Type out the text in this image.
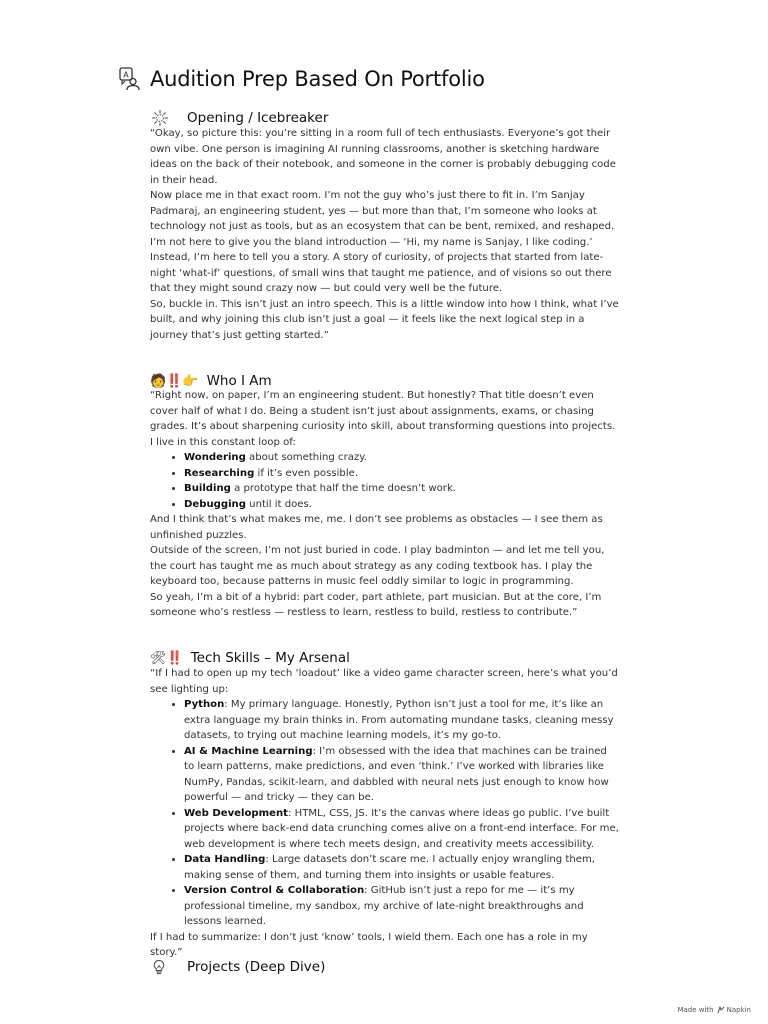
A Audition Prep Based On Portfolio
Opening / Icebreaker

“Okay, so picture this: you’re sitting in a room full of tech enthusiasts. Everyone’s got their own vibe. One person is imagining AI running classrooms, another is sketching hardware ideas on the back of their notebook, and someone in the corner is probably debugging code in their head.

Now place me in that exact room. I’m not the guy who’s just there to fit in. I’m Sanjay Padmaraj, an engineering student, yes — but more than that, I’m someone who looks at technology not just as tools, but as an ecosystem that can be bent, remixed, and reshaped.

I’m not here to give you the bland introduction — ‘Hi, my name is Sanjay, I like coding.’ Instead, I’m here to tell you a story. A story of curiosity, of projects that started from late-night ‘what-if’ questions, of small wins that taught me patience, and of visions so out there that they might sound crazy now — but could very well be the future.

So, buckle in. This isn’t just an intro speech. This is a little window into how I think, what I’ve built, and why joining this club isn’t just a goal — it feels like the next logical step in a journey that’s just getting started.”

🧑‼️👉 Who I Am

“Right now, on paper, I’m an engineering student. But honestly? That title doesn’t even cover half of what I do. Being a student isn’t just about assignments, exams, or chasing grades. It’s about sharpening curiosity into skill, about transforming questions into projects.

I live in this constant loop of:

• Wondering about something crazy.
• Researching if it’s even possible.
• Building a prototype that half the time doesn’t work.
• Debugging until it does.

And I think that’s what makes me, me. I don’t see problems as obstacles — I see them as unfinished puzzles.

Outside of the screen, I’m not just buried in code. I play badminton — and let me tell you, the court has taught me as much about strategy as any coding textbook has. I play the keyboard too, because patterns in music feel oddly similar to logic in programming.

So yeah, I’m a bit of a hybrid: part coder, part athlete, part musician. But at the core, I’m someone who’s restless — restless to learn, restless to build, restless to contribute.”

🛠‼️ Tech Skills – My Arsenal

“If I had to open up my tech ‘loadout’ like a video game character screen, here’s what you’d see lighting up:

• Python: My primary language. Honestly, Python isn’t just a tool for me, it’s like an extra language my brain thinks in. From automating mundane tasks, cleaning messy datasets, to trying out machine learning models, it’s my go-to.
• AI & Machine Learning: I’m obsessed with the idea that machines can be trained to learn patterns, make predictions, and even ‘think.’ I’ve worked with libraries like NumPy, Pandas, scikit-learn, and dabbled with neural nets just enough to know how powerful — and tricky — they can be.
• Web Development: HTML, CSS, JS. It’s the canvas where ideas go public. I’ve built projects where back-end data crunching comes alive on a front-end interface. For me, web development is where tech meets design, and creativity meets accessibility.
• Data Handling: Large datasets don’t scare me. I actually enjoy wrangling them, making sense of them, and turning them into insights or usable features.
• Version Control & Collaboration: GitHub isn’t just a repo for me — it’s my professional timeline, my sandbox, my archive of late-night breakthroughs and lessons learned.

If I had to summarize: I don’t just ‘know’ tools, I wield them. Each one has a role in my story.”

Projects (Deep Dive)
Made with Napkin
